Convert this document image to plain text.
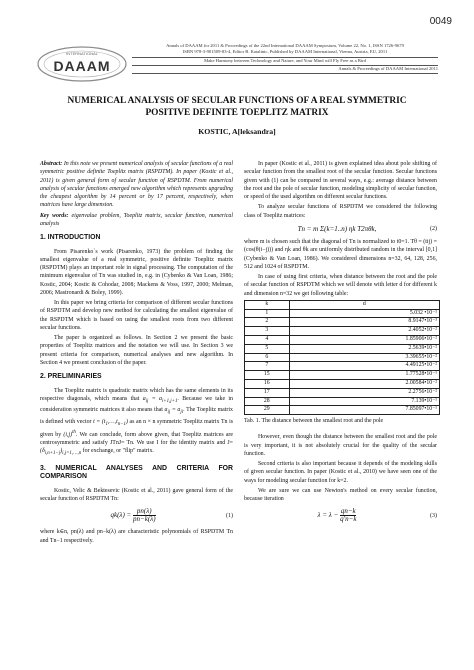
0049
INTERNATIONAL
DAAAM
Annals of DAAAM for 2011 & Proceedings of the 22nd International DAAAM Symposium, Volume 22, No. 1, ISSN 1726-9679
ISBN 978-3-901509-83-4, Editor B. Katalinic, Published by DAAAM International, Vienna, Austria, EU, 2011
Make Harmony between Technology and Nature, and Your Mind will Fly Free as a Bird
Annals & Proceedings of DAAAM International 2011
NUMERICAL ANALYSIS OF SECULAR FUNCTIONS OF A REAL SYMMETRIC
POSITIVE DEFINITE TOEPLITZ MATRIX
KOSTIC, A[leksandra]

Abstract: In this note we present numerical analysis of secular functions of a real symmetric positive definite Toeplitz matrix (RSPDTM). In paper (Kostic et al., 2011) is given general form of secular function of RSPDTM. From numerical analysis of secular functions emerged new algorithm which represents upgrading the cheapest algorithm by 14 percent or by 17 percent, respectively, when matrices have large dimension.

Key words: eigenvalue problem, Toeplitz matrix, secular function, numerical analysis

1. INTRODUCTION

From Pisarenko`s work (Pisarenko, 1973) the problem of finding the smallest eigenvalue of a real symmetric, positive definite Toeplitz matrix (RSPDTM) plays an important role in signal processing. The computation of the minimum eigenvalue of Tn was studied in, e.g. in (Cybenko & Van Loan, 1986; Kostic, 2004; Kostic & Cohodar, 2008; Mackens & Voss, 1997, 2000; Melman, 2006; Mastronardi & Boley, 1999).

In this paper we bring criteria for comparison of different secular functions of RSPDTM and develop new method for calculating the smallest eigenvalue of the RSPDTM which is based on using the smallest roots from two different secular functions.

The paper is organized as follows. In Section 2 we present the basic properties of Toeplitz matrices and the notation we will use. In Section 3 we present criteria for comparison, numerical analyses and new algorithm. In Section 4 we present conclusion of the paper.

2. PRELIMINARIES

The Toeplitz matrix is quadratic matrix which has the same elements in its respective diagonals, which means that $a_{ij} = a_{i+1,j+1}$. Because we take in consideration symmetric matrices it also means that $a_{ij} = a_{ji}$. The Toeplitz matrix is defined with vector $t = (t_1,\dots,t_{n-1})$ as an n × n symmetric Toeplitz matrix Tn is given by $(i,j)^{th}$. We can conclude, form above given, that Toeplitz matrices are centrosymmetric and satisfy JTnJ= Tn. We use I for the identity matrix and $J= (\delta_{i,n+1-j})_{i,j=1,\dots,n}$ for exchange, or "flip" matrix.

3. NUMERICAL ANALYSES AND CRITERIA FOR COMPARISON

Kostic, Velic & Bektesevic (Kostic et al., 2011) gave general form of the secular function of RSPDTM Tn:

$qk(\lambda) = \frac{pn(\lambda)}{pn-k(\lambda)}$	(1)

where k∈n, pn(λ) and pn−k(λ) are characteristic polynomials of RSPDTM Tn and Tn−1 respectively.

In paper (Kostic et al., 2011) is given explained idea about pole shifting of secular function from the smallest root of the secular function. Secular functions given with (1) can be compared in several ways, e.g.: average distance between the root and the pole of secular function, modeling simplicity of secular function, or speed of the used algorithm on different secular functions.

To analyze secular functions of RSPDTM we considered the following class of Toeplitz matrices:

Tn = m Σ(k=1..n) ηk T2πθk,	(2)

where m is chosen such that the diagonal of Tn is normalized to t0=1. Tθ = (tij) = (cos(θ(i−j))) and ηk and θk are uniformly distributed random in the interval [0,1] (Cybenko & Van Loan, 1986). We considered dimensions n=32, 64, 128, 256, 512 and 1024 of RSPDTM.

In case of using first criteria, when distance between the root and the pole of secular function of RSPDTM which we will denote with letter d for different k and dimension n=32 we get following table:

k	d
1	5.032 •10⁻¹
2	8.9147•10⁻³
3	2.4052•10⁻²
4	1.85906•10⁻²
5	2.5639•10⁻²
6	3.39655•10⁻²
7	4.49125•10⁻²
15	1.77528•10⁻¹
16	2.00584•10⁻²
17	2.2756•10⁻²
28	7.139•10⁻¹
29	7.85097•10⁻¹
Tab. 1. The distance between the smallest root and the pole

However, even though the distance between the smallest root and the pole is very important, it is not absolutely crucial for the quality of the secular function.

Second criteria is also important because it depends of the modeling skills of given secular function. In paper (Kostic et al., 2010) we have seen one of the ways for modeling secular function for k=2.

We are sure we can use Newton's method on every secular function, because iteration

$\lambda = \lambda - \frac{qn-k}{q'n-k}$	(3)
